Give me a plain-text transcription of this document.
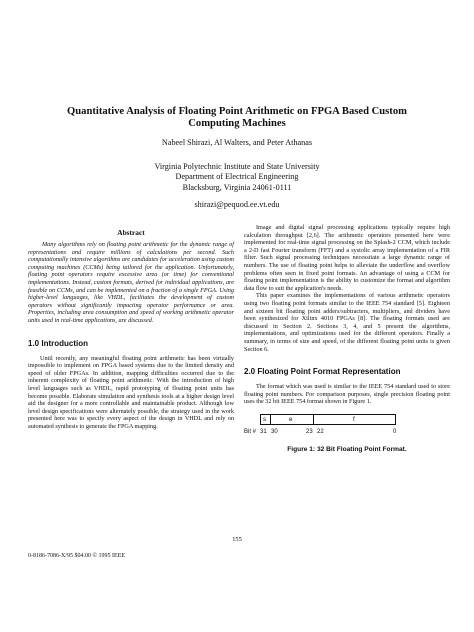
Quantitative Analysis of Floating Point Arithmetic on FPGA Based Custom
Computing Machines
Nabeel Shirazi, Al Walters, and Peter Athanas
Virginia Polytechnic Institute and State University
Department of Electrical Engineering
Blacksburg, Virginia 24061-0111
shirazi@pequod.ee.vt.edu
Abstract

Many algorithms rely on floating point arithmetic for the dynamic range of representations and require millions of calculations per second. Such computationally intensive algorithms are candidates for acceleration using custom computing machines (CCMs) being tailored for the application. Unfortunately, floating point operators require excessive area (or time) for conventional implementations. Instead, custom formats, derived for individual applications, are feasible on CCMs, and can be implemented on a fraction of a single FPGA. Using higher-level languages, like VHDL, facilitates the development of custom operators without significantly impacting operator performance or area. Properties, including area consumption and speed of working arithmetic operator units used in real-time applications, are discussed.

1.0 Introduction

Until recently, any meaningful floating point arithmetic has been virtually impossible to implement on FPGA based systems due to the limited density and speed of older FPGAs. In addition, mapping difficulties occurred due to the inherent complexity of floating point arithmetic. With the introduction of high level languages such as VHDL, rapid prototyping of floating point units has become possible. Elaborate simulation and synthesis tools at a higher design level aid the designer for a more controllable and maintainable product. Although low level design specifications were alternately possible, the strategy used in the work presented here was to specify every aspect of the design in VHDL and rely on automated synthesis to generate the FPGA mapping.

Image and digital signal processing applications typically require high calculation throughput [2,6]. The arithmetic operators presented here were implemented for real-time signal processing on the Splash-2 CCM, which include a 2-D fast Fourier transform (FFT) and a systolic array implementation of a FIR filter. Such signal processing techniques necessitate a large dynamic range of numbers. The use of floating point helps to alleviate the underflow and overflow problems often seen in fixed point formats. An advantage of using a CCM for floating point implementation is the ability to customize the format and algorithm data flow to suit the application's needs.

This paper examines the implementations of various arithmetic operators using two floating point formats similar to the IEEE 754 standard [5]. Eighteen and sixteen bit floating point adders/subtracters, multipliers, and dividers have been synthesized for Xilinx 4010 FPGAs [8]. The floating formats used are discussed in Section 2. Sections 3, 4, and 5 present the algorithms, implementations, and optimizations used for the different operators. Finally a summary, in terms of size and speed, of the different floating point units is given Section 6.

2.0 Floating Point Format Representation

The format which was used is similar to the IEEE 754 standard used to store floating point numbers. For comparison purposes, single precision floating point uses the 32 bit IEEE 754 format shown in Figure 1.

s	e	f
Bit # 31 30	23 22	0

Figure 1: 32 Bit Floating Point Format.

155
0-8186-7086-X/95 $04.00 © 1995 IEEE
